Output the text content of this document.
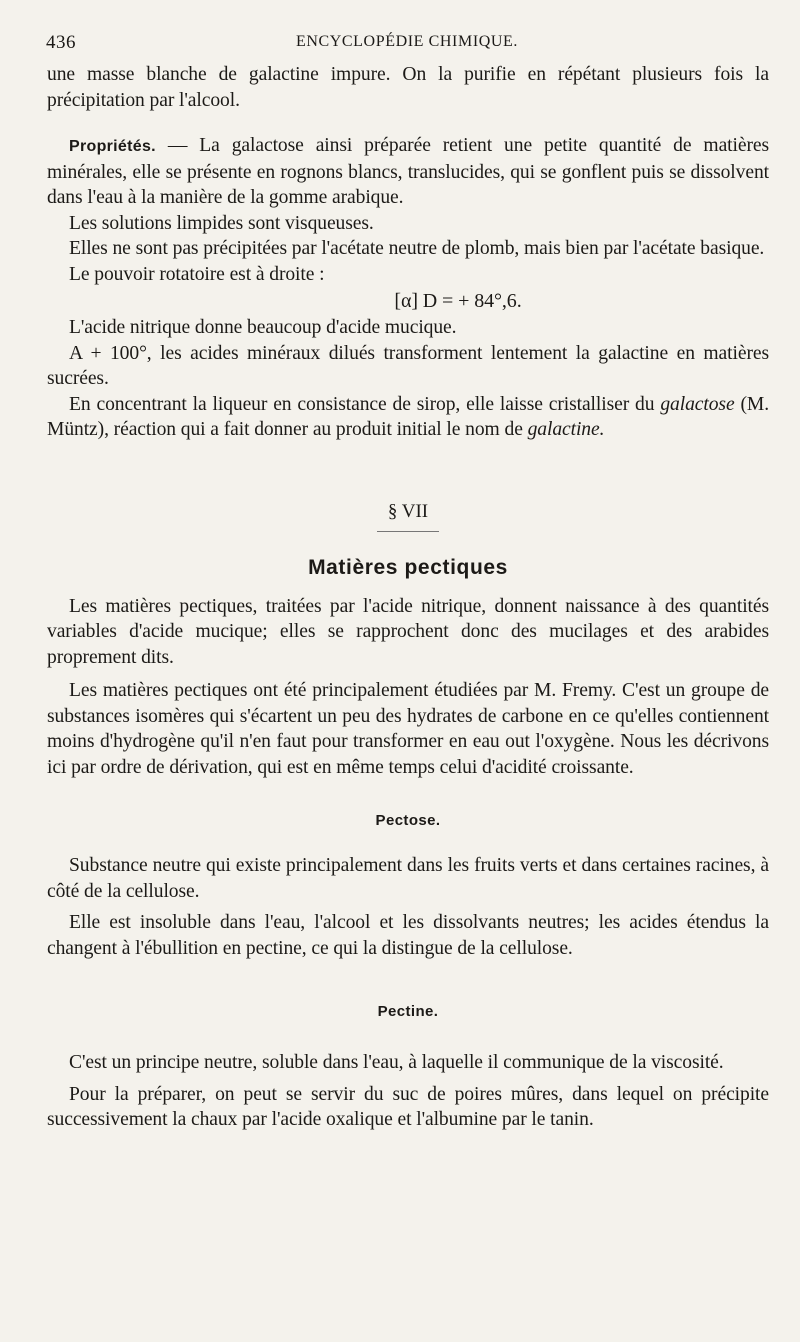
436	ENCYCLOPÉDIE CHIMIQUE.

une masse blanche de galactine impure. On la purifie en répétant plusieurs fois la précipitation par l'alcool.

Propriétés. — La galactose ainsi préparée retient une petite quantité de matières minérales, elle se présente en rognons blancs, translucides, qui se gonflent puis se dissolvent dans l'eau à la manière de la gomme arabique.

Les solutions limpides sont visqueuses.

Elles ne sont pas précipitées par l'acétate neutre de plomb, mais bien par l'acétate basique.

Le pouvoir rotatoire est à droite :

[α] D = + 84°,6.

L'acide nitrique donne beaucoup d'acide mucique.

A + 100°, les acides minéraux dilués transforment lentement la galactine en matières sucrées.

En concentrant la liqueur en consistance de sirop, elle laisse cristalliser du galactose (M. Müntz), réaction qui a fait donner au produit initial le nom de galactine.

§ VII
Matières pectiques

Les matières pectiques, traitées par l'acide nitrique, donnent naissance à des quantités variables d'acide mucique; elles se rapprochent donc des mucilages et des arabides proprement dits.

Les matières pectiques ont été principalement étudiées par M. Fremy. C'est un groupe de substances isomères qui s'écartent un peu des hydrates de carbone en ce qu'elles contiennent moins d'hydrogène qu'il n'en faut pour transformer en eau out l'oxygène. Nous les décrivons ici par ordre de dérivation, qui est en même temps celui d'acidité croissante.

Pectose.

Substance neutre qui existe principalement dans les fruits verts et dans certaines racines, à côté de la cellulose.

Elle est insoluble dans l'eau, l'alcool et les dissolvants neutres; les acides étendus la changent à l'ébullition en pectine, ce qui la distingue de la cellulose.

Pectine.

C'est un principe neutre, soluble dans l'eau, à laquelle il communique de la viscosité.

Pour la préparer, on peut se servir du suc de poires mûres, dans lequel on précipite successivement la chaux par l'acide oxalique et l'albumine par le tanin.
